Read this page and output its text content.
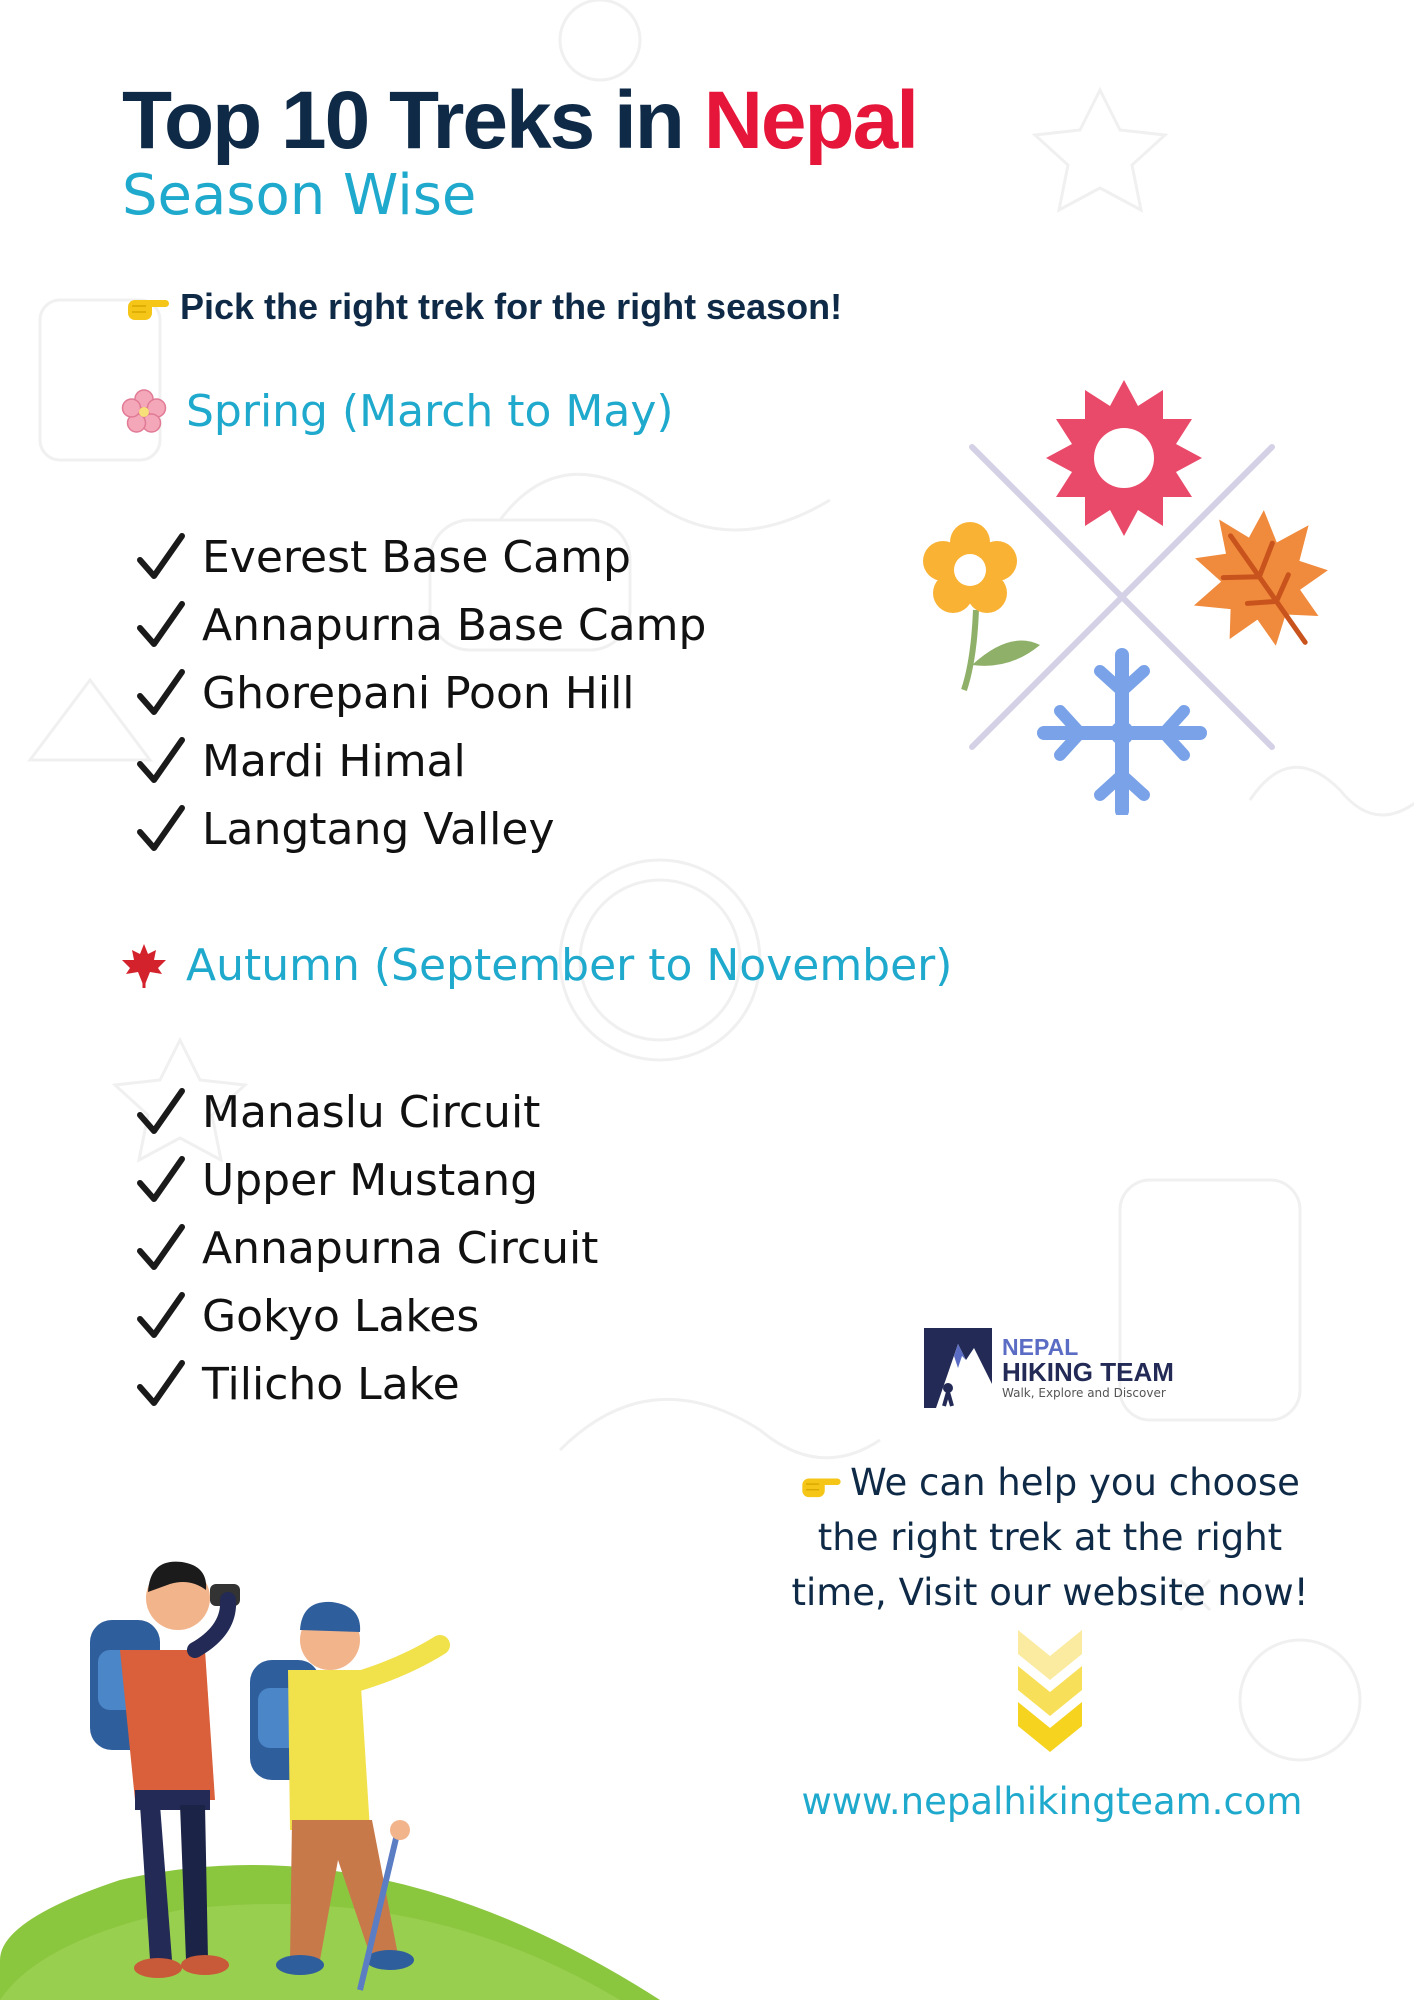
Top 10 Treks in Nepal
Season Wise
Pick the right trek for the right season!
Spring (March to May)
Everest Base Camp
Annapurna Base Camp
Ghorepani Poon Hill
Mardi Himal
Langtang Valley
Autumn (September to November)
Manaslu Circuit
Upper Mustang
Annapurna Circuit
Gokyo Lakes
Tilicho Lake
NEPAL
HIKING TEAM
Walk, Explore and Discover
We can help you choose
the right trek at the right
time, Visit our website now!
www.nepalhikingteam.com
